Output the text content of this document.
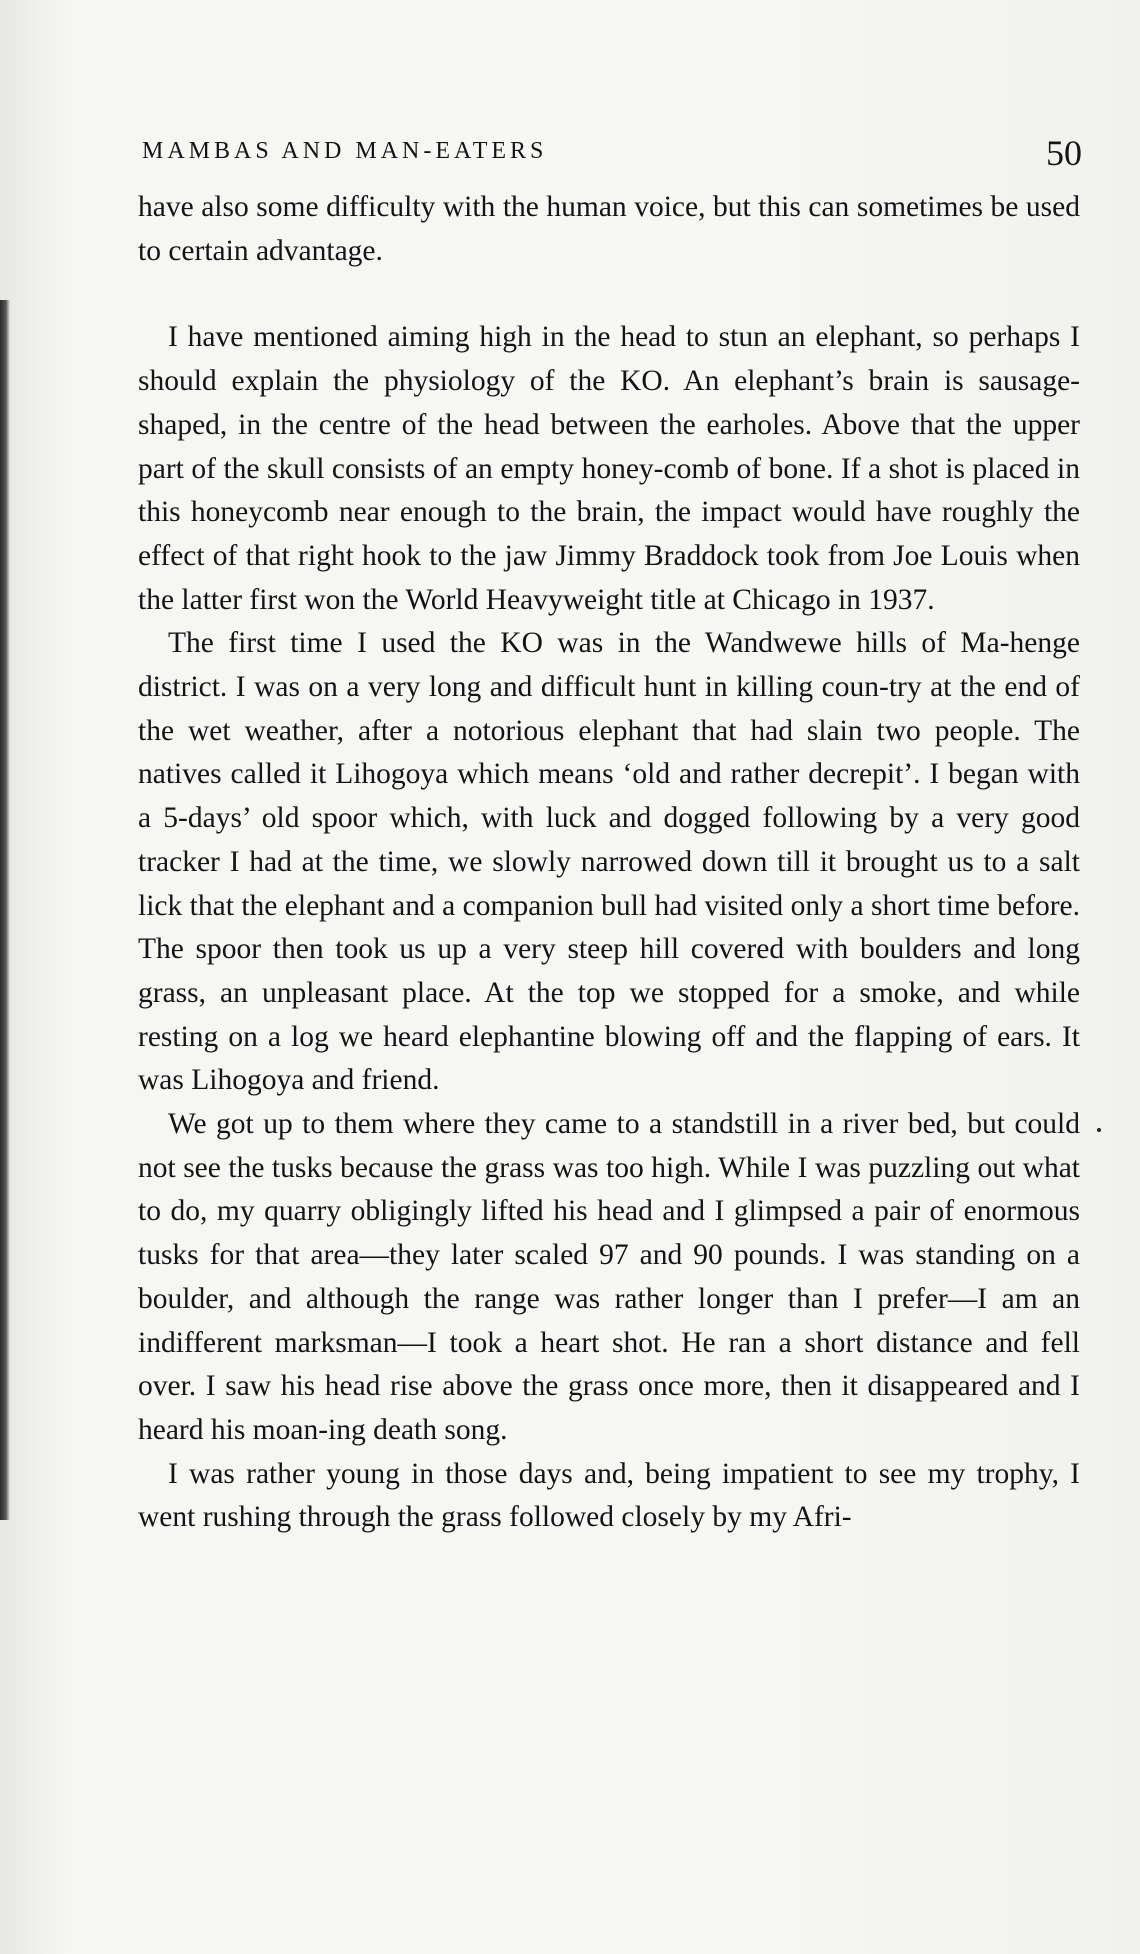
MAMBAS AND MAN-EATERS	50

have also some difficulty with the human voice, but this can sometimes be used to certain advantage.

I have mentioned aiming high in the head to stun an elephant, so perhaps I should explain the physiology of the KO. An elephant’s brain is sausage-shaped, in the centre of the head between the earholes. Above that the upper part of the skull consists of an empty honey-comb of bone. If a shot is placed in this honeycomb near enough to the brain, the impact would have roughly the effect of that right hook to the jaw Jimmy Braddock took from Joe Louis when the latter first won the World Heavyweight title at Chicago in 1937.

The first time I used the KO was in the Wandwewe hills of Ma-henge district. I was on a very long and difficult hunt in killing coun-try at the end of the wet weather, after a notorious elephant that had slain two people. The natives called it Lihogoya which means ‘old and rather decrepit’. I began with a 5-days’ old spoor which, with luck and dogged following by a very good tracker I had at the time, we slowly narrowed down till it brought us to a salt lick that the elephant and a companion bull had visited only a short time before. The spoor then took us up a very steep hill covered with boulders and long grass, an unpleasant place. At the top we stopped for a smoke, and while resting on a log we heard elephantine blowing off and the flapping of ears. It was Lihogoya and friend.

We got up to them where they came to a standstill in a river bed, but could not see the tusks because the grass was too high. While I was puzzling out what to do, my quarry obligingly lifted his head and I glimpsed a pair of enormous tusks for that area—they later scaled 97 and 90 pounds. I was standing on a boulder, and although the range was rather longer than I prefer—I am an indifferent marksman—I took a heart shot. He ran a short distance and fell over. I saw his head rise above the grass once more, then it disappeared and I heard his moan-ing death song.

I was rather young in those days and, being impatient to see my trophy, I went rushing through the grass followed closely by my Afri-
